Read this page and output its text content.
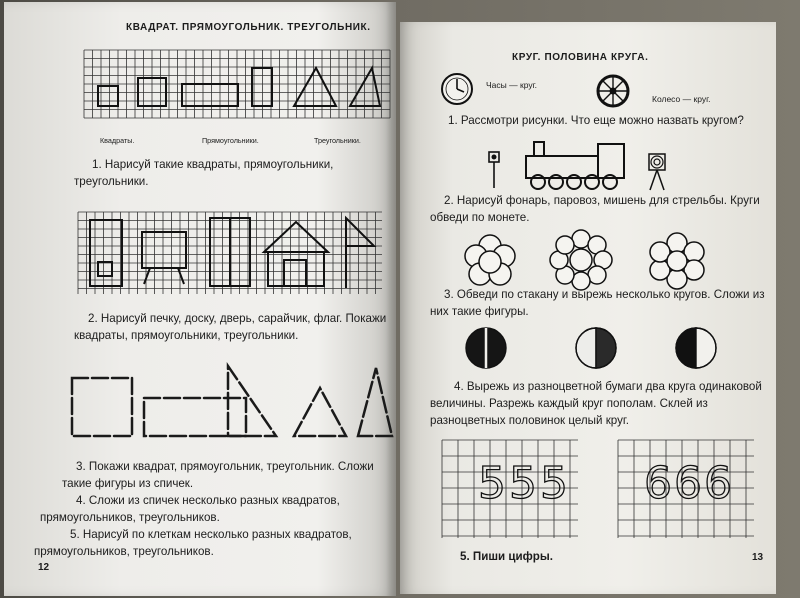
КВАДРАТ. ПРЯМОУГОЛЬНИК. ТРЕУГОЛЬНИК.
Квадраты.	Прямоугольники.	Треугольники.
1. Нарисуй такие квадраты, прямоугольники, треугольники.
2. Нарисуй печку, доску, дверь, сарайчик, флаг. Покажи квадраты, прямоугольники, треугольники.
3. Покажи квадрат, прямоугольник, треугольник. Сложи такие фигуры из спичек.
4. Сложи из спичек несколько разных квадратов, прямоугольников, треугольников.
5. Нарисуй по клеткам несколько разных квадратов, прямоугольников, треугольников.
12
КРУГ. ПОЛОВИНА КРУГА.
Часы — круг.
Колесо — круг.
1. Рассмотри рисунки. Что еще можно назвать кругом?
2. Нарисуй фонарь, паровоз, мишень для стрельбы. Круги обведи по монете.
3. Обведи по стакану и вырежь несколько кругов. Сложи из них такие фигуры.
4. Вырежь из разноцветной бумаги два круга одинаковой величины. Разрежь каждый круг пополам. Склей из разноцветных половинок целый круг.
5 5 5 6 6 6
5. Пиши цифры.	13
